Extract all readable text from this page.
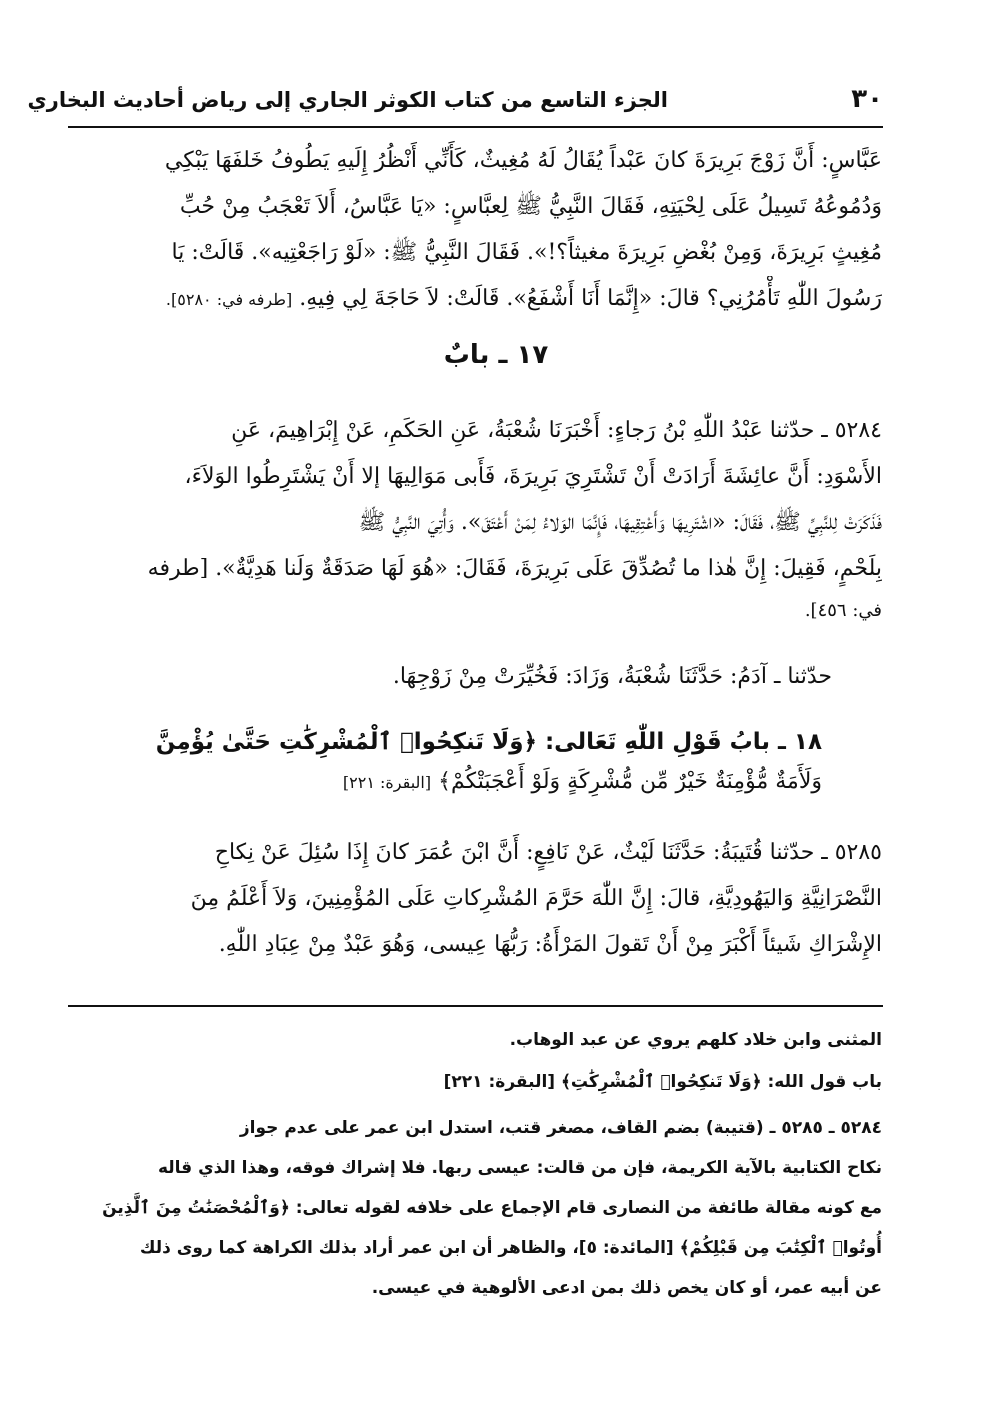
٣٠
الجزء التاسع من كتاب الكوثر الجاري إلى رياض أحاديث البخاري
عَبَّاسٍ: أَنَّ زَوْجَ بَرِيرَةَ كانَ عَبْداً يُقَالُ لَهُ مُغِيثٌ، كَأَنِّي أَنْظُرُ إِلَيهِ يَطُوفُ خَلفَهَا يَبْكِي
وَدُمُوعُهُ تَسِيلُ عَلَى لِحْيَتِهِ، فَقَالَ النَّبِيُّ ﷺ لِعبَّاسٍ: «يَا عَبَّاسُ، أَلاَ تَعْجَبُ مِنْ حُبِّ
مُغِيثٍ بَرِيرَةَ، وَمِنْ بُغْضِ بَرِيرَةَ مغيثاً؟!». فَقَالَ النَّبِيُّ ﷺ: «لَوْ رَاجَعْتِيه». قَالَتْ: يَا
رَسُولَ اللّٰهِ تَأْمُرُنِي؟ قالَ: «إِنَّمَا أَنَا أَشْفَعُ». قَالَتْ: لاَ حَاجَةَ لِي فِيهِ. [طرفه في: ٥٢٨٠].
١٧ ـ بابٌ
٥٢٨٤ ـ حدّثنا عَبْدُ اللّٰهِ بْنُ رَجاءٍ: أَخْبَرَنَا شُعْبَةُ، عَنِ الحَكَمِ، عَنْ إِبْرَاهِيمَ، عَنِ
الأَسْوَدِ: أَنَّ عائِشَةَ أَرَادَتْ أَنْ تَشْتَرِيَ بَرِيرَةَ، فَأَبى مَوَالِيهَا إلا أَنْ يَشْتَرِطُوا الوَلاَءَ،
فَذَكَرَتْ لِلنَّبِيِّ ﷺ، فَقَالَ: «اشْتَرِيهَا وَأَعْتِقِيهَا، فَإِنَّمَا الوَلاءُ لِمَنْ أَعْتَقَ». وَأُتِيَ النَّبِيُّ ﷺ
بِلَحْمٍ، فَقِيلَ: إِنَّ هٰذا ما تُصُدِّقَ عَلَى بَرِيرَةَ، فَقَالَ: «هُوَ لَهَا صَدَقَةٌ وَلَنا هَدِيَّةٌ». [طرفه
في: ٤٥٦].
حدّثنا ـ آدَمُ: حَدَّثَنَا شُعْبَةُ، وَزَادَ: فَخُيِّرَتْ مِنْ زَوْجِهَا.
١٨ ـ بابُ قَوْلِ اللّٰهِ تَعَالى: ﴿وَلَا تَنكِحُوا۟ ٱلْمُشْرِكَٰتِ حَتَّىٰ يُؤْمِنَّ
وَلَأَمَةٌ مُّؤْمِنَةٌ خَيْرٌ مِّن مُّشْرِكَةٍ وَلَوْ أَعْجَبَتْكُمْ﴾ [البقرة: ٢٢١]
٥٢٨٥ ـ حدّثنا قُتَيبَةُ: حَدَّثَنَا لَيْثٌ، عَنْ نَافِعٍ: أَنَّ ابْنَ عُمَرَ كانَ إِذَا سُئِلَ عَنْ نِكاحِ
النَّصْرَانِيَّةِ وَاليَهُودِيَّةِ، قالَ: إِنَّ اللّٰهَ حَرَّمَ المُشْرِكاتِ عَلَى المُؤْمِنِينَ، وَلاَ أَعْلَمُ مِنَ
الإِشْرَاكِ شَيئاً أَكْبَرَ مِنْ أَنْ تَقولَ المَرْأَةُ: رَبُّهَا عِيسى، وَهُوَ عَبْدٌ مِنْ عِبَادِ اللّٰهِ.
المثنى وابن خلاد كلهم يروي عن عبد الوهاب.
باب قول الله: ﴿وَلَا تَنكِحُوا۟ ٱلْمُشْرِكَٰتِ﴾ [البقرة: ٢٢١]
٥٢٨٤ ـ ٥٢٨٥ ـ (قتيبة) بضم القاف، مصغر قتب، استدل ابن عمر على عدم جواز
نكاح الكتابية بالآية الكريمة، فإن من قالت: عيسى ربها. فلا إشراك فوقه، وهذا الذي قاله
مع كونه مقالة طائفة من النصارى قام الإجماع على خلافه لقوله تعالى: ﴿وَٱلْمُحْصَنَٰتُ مِنَ ٱلَّذِينَ
أُوتُوا۟ ٱلْكِتَٰبَ مِن قَبْلِكُمْ﴾ [المائدة: ٥]، والظاهر أن ابن عمر أراد بذلك الكراهة كما روى ذلك
عن أبيه عمر، أو كان يخص ذلك بمن ادعى الألوهية في عيسى.
